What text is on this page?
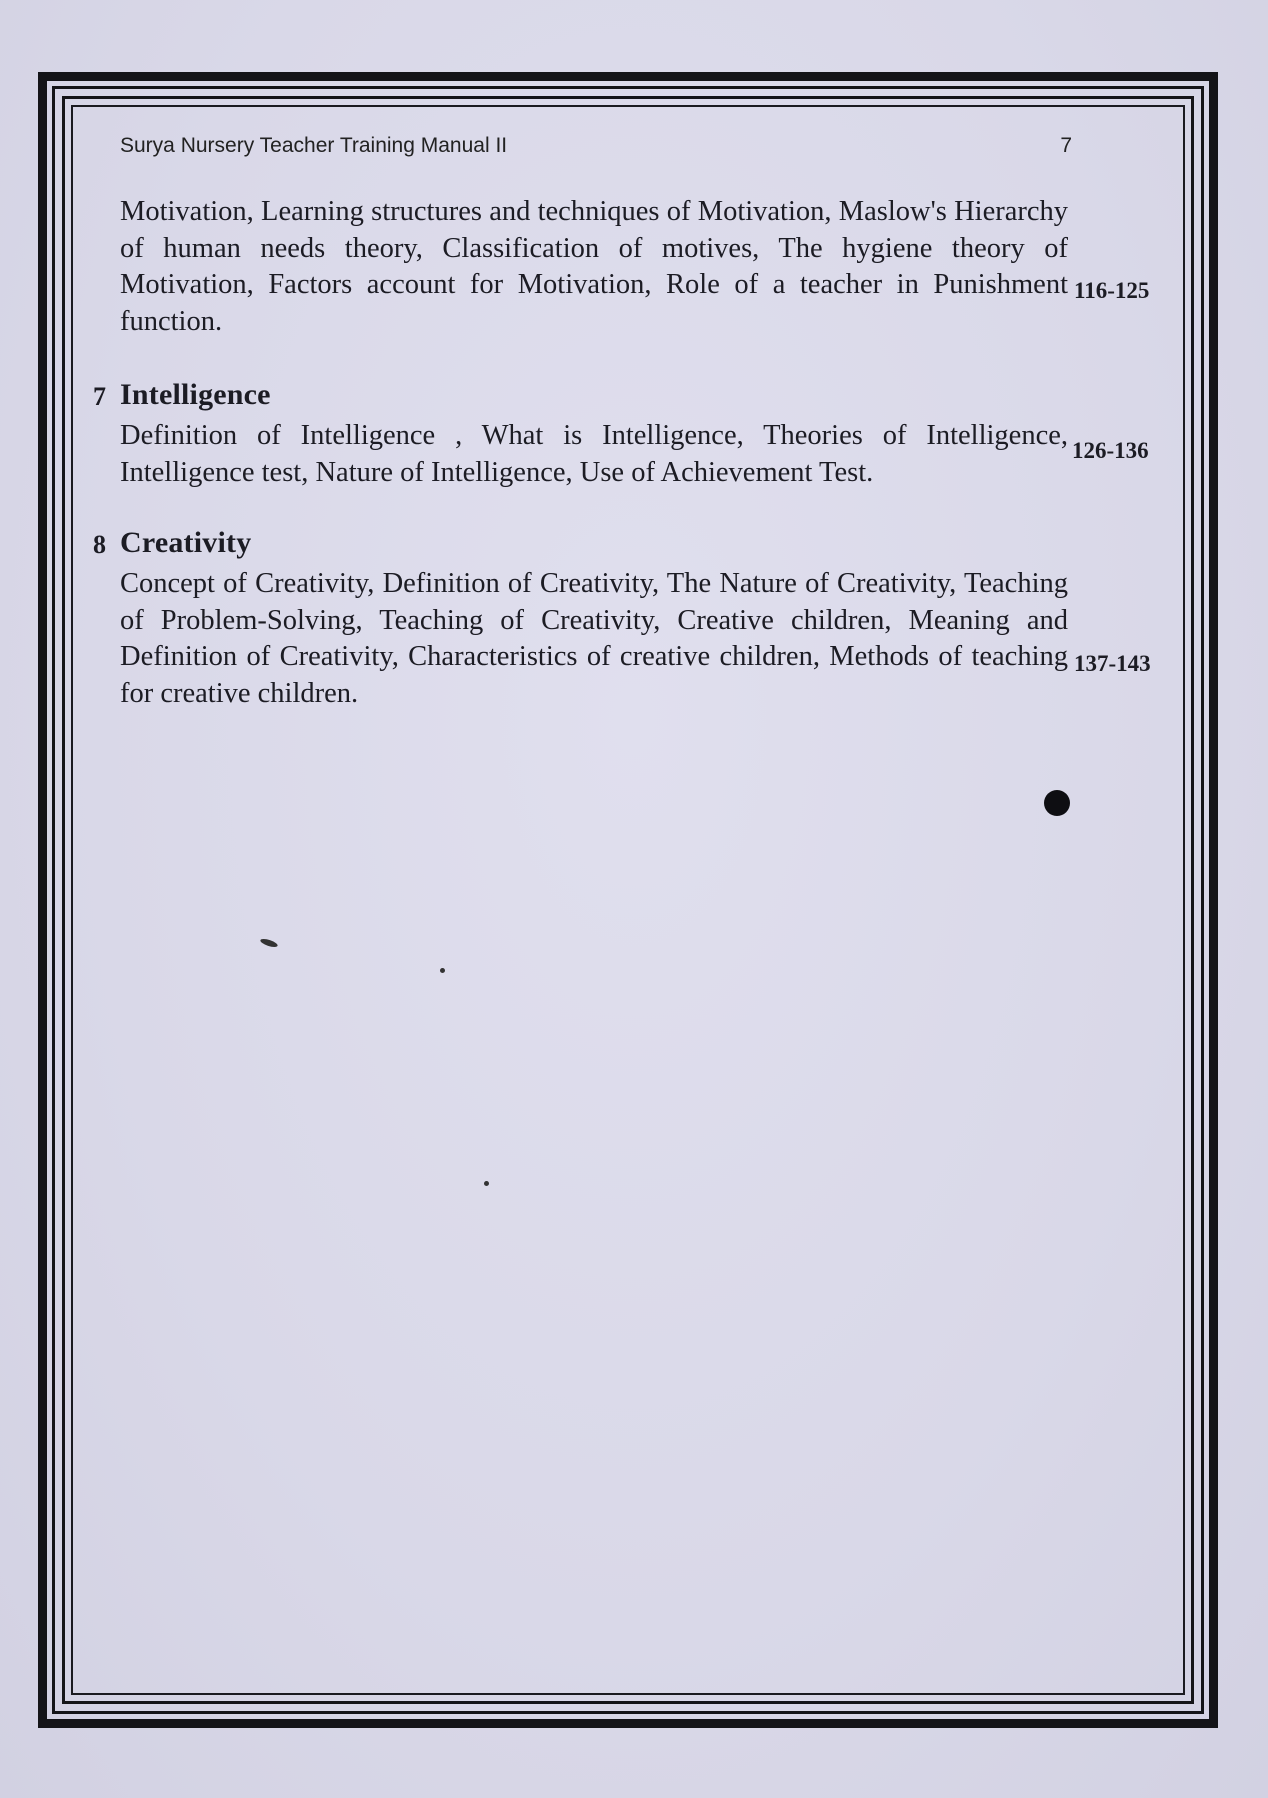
Surya Nursery Teacher Training Manual II	7
Motivation, Learning structures and techniques of Motivation, Maslow's Hierarchy of human needs theory, Classification of motives, The hygiene theory of Motivation, Factors account for Motivation, Role of a teacher in Punishment function.
116-125
7 Intelligence
Definition of Intelligence , What is Intelligence, Theories of Intelligence, Intelligence test, Nature of Intelligence, Use of Achievement Test.
126-136
8 Creativity
Concept of Creativity, Definition of Creativity, The Nature of Creativity, Teaching of Problem-Solving, Teaching of Creativity, Creative children, Meaning and Definition of Creativity, Characteristics of creative children, Methods of teaching for creative children.
137-143
